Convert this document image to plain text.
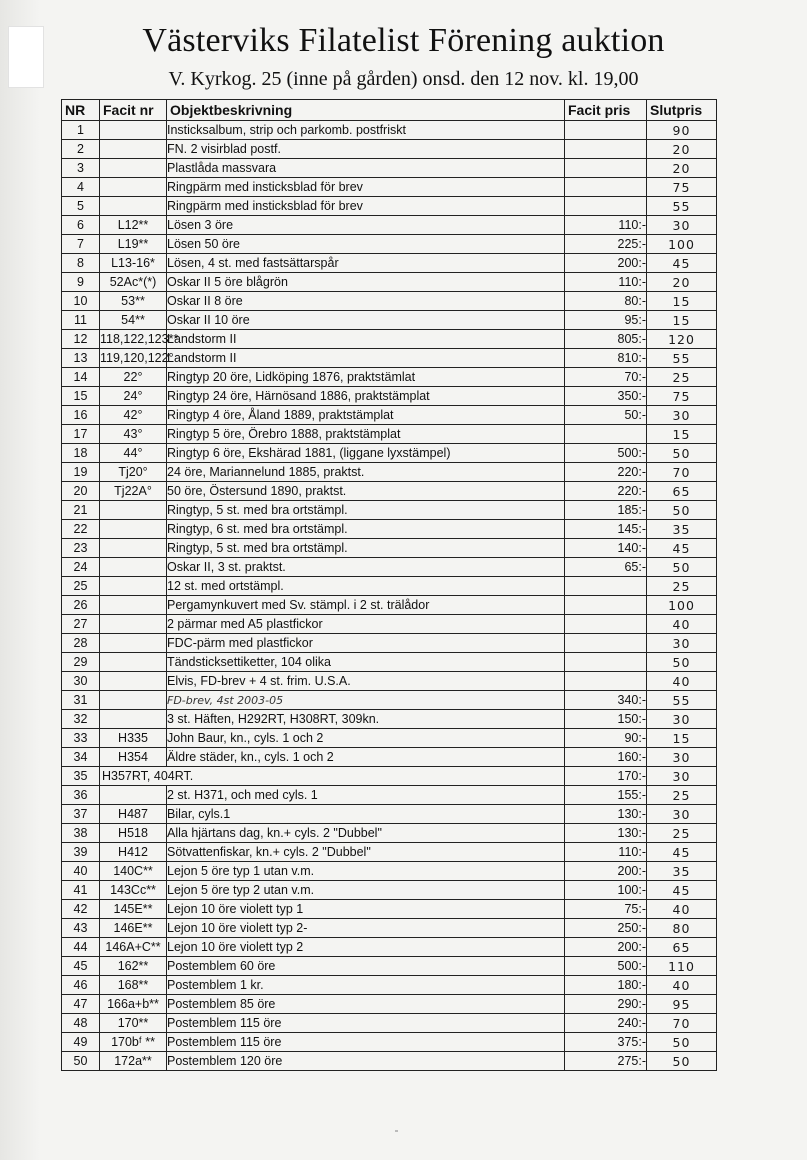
Västerviks Filatelist Förening auktion
V. Kyrkog. 25 (inne på gården) onsd. den 12 nov. kl. 19,00
NR	Facit nr	Objektbeskrivning	Facit pris	Slutpris
1		Insticksalbum, strip och parkomb. postfriskt		90
2		FN. 2 visirblad postf.		20
3		Plastlåda massvara		20
4		Ringpärm med insticksblad för brev		75
5		Ringpärm med insticksblad för brev		55
6	L12**	Lösen 3 öre	110:-	30
7	L19**	Lösen 50 öre	225:-	100
8	L13-16*	Lösen, 4 st. med fastsättarspår	200:-	45
9	52Ac*(*)	Oskar II 5 öre blågrön	110:-	20
10	53**	Oskar II 8 öre	80:-	15
11	54**	Oskar II 10 öre	95:-	15
12	118,122,123**	Landstorm II	805:-	120
13	119,120,122°	Landstorm II	810:-	55
14	22°	Ringtyp 20 öre, Lidköping 1876, praktstämlat	70:-	25
15	24°	Ringtyp 24 öre, Härnösand 1886, praktstämplat	350:-	75
16	42°	Ringtyp 4 öre, Åland 1889, praktstämplat	50:-	30
17	43°	Ringtyp 5 öre, Örebro 1888, praktstämplat		15
18	44°	Ringtyp 6 öre, Ekshärad 1881, (liggane lyxstämpel)	500:-	50
19	Tj20°	24 öre, Mariannelund 1885, praktst.	220:-	70
20	Tj22A°	50 öre, Östersund 1890, praktst.	220:-	65
21		Ringtyp, 5 st. med bra ortstämpl.	185:-	50
22		Ringtyp, 6 st. med bra ortstämpl.	145:-	35
23		Ringtyp, 5 st. med bra ortstämpl.	140:-	45
24		Oskar II, 3 st. praktst.	65:-	50
25		12 st. med ortstämpl.		25
26		Pergamynkuvert med Sv. stämpl. i 2 st. trälådor		100
27		2 pärmar med A5 plastfickor		40
28		FDC-pärm med plastfickor		30
29		Tändsticksettiketter, 104 olika		50
30		Elvis, FD-brev + 4 st. frim. U.S.A.		40
31		FD-brev, 4st 2003-05	340:-	55
32		3 st. Häften, H292RT, H308RT, 309kn.	150:-	30
33	H335	John Baur, kn., cyls. 1 och 2	90:-	15
34	H354	Äldre städer, kn., cyls. 1 och 2	160:-	30
35	H357RT, 404RT.		170:-	30
36		2 st. H371, och med cyls. 1	155:-	25
37	H487	Bilar, cyls.1	130:-	30
38	H518	Alla hjärtans dag, kn.+ cyls. 2 "Dubbel"	130:-	25
39	H412	Sötvattenfiskar, kn.+ cyls. 2 "Dubbel"	110:-	45
40	140C**	Lejon 5 öre typ 1 utan v.m.	200:-	35
41	143Cc**	Lejon 5 öre typ 2 utan v.m.	100:-	45
42	145E**	Lejon 10 öre violett typ 1	75:-	40
43	146E**	Lejon 10 öre violett typ 2-	250:-	80
44	146A+C**	Lejon 10 öre violett typ 2	200:-	65
45	162**	Postemblem 60 öre	500:-	110
46	168**	Postemblem 1 kr.	180:-	40
47	166a+b**	Postemblem 85 öre	290:-	95
48	170**	Postemblem 115 öre	240:-	70
49	170bᶠ **	Postemblem 115 öre	375:-	50
50	172a**	Postemblem 120 öre	275:-	50
